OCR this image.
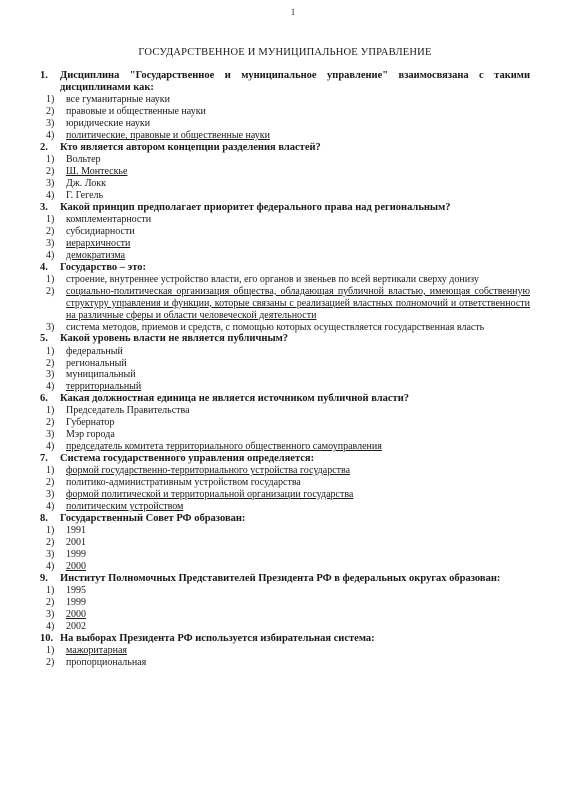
1
ГОСУДАРСТВЕННОЕ И МУНИЦИПАЛЬНОЕ УПРАВЛЕНИЕ
1.	Дисциплина "Государственное и муниципальное управление" взаимосвязана с такими дисциплинами как:
1)	все гуманитарные науки
2)	правовые и общественные науки
3)	юридические науки
4)	политические, правовые и общественные науки
2.	Кто является автором концепции разделения властей?
1)	Вольтер
2)	Ш. Монтескье
3)	Дж. Локк
4)	Г. Гегель
3.	Какой принцип предполагает приоритет федерального права над региональным?
1)	комплементарности
2)	субсидиарности
3)	иерархичности
4)	демократизма
4.	Государство – это:
1)	строение, внутреннее устройство власти, его органов и звеньев по всей вертикали сверху донизу
2)	социально-политическая организация общества, обладающая публичной властью, имеющая собственную структуру управления и функции, которые связаны с реализацией властных полномочий и ответственности на различные сферы и области человеческой деятельности
3)	система методов, приемов и средств, с помощью которых осуществляется государственная власть
5.	Какой уровень власти не является публичным?
1)	федеральный
2)	региональный
3)	муниципальный
4)	территориальный
6.	Какая должностная единица не является источником публичной власти?
1)	Председатель Правительства
2)	Губернатор
3)	Мэр города
4)	председатель комитета территориального общественного самоуправления
7.	Система государственного управления определяется:
1)	формой государственно-территориального устройства государства
2)	политико-административным устройством государства
3)	формой политической и территориальной организации государства
4)	политическим устройством
8.	Государственный Совет РФ образован:
1)	1991
2)	2001
3)	1999
4)	2000
9.	Институт Полномочных Представителей Президента РФ в федеральных округах образован:
1)	1995
2)	1999
3)	2000
4)	2002
10. На выборах Президента РФ используется избирательная система:
1)	мажоритарная
2)	пропорциональная
